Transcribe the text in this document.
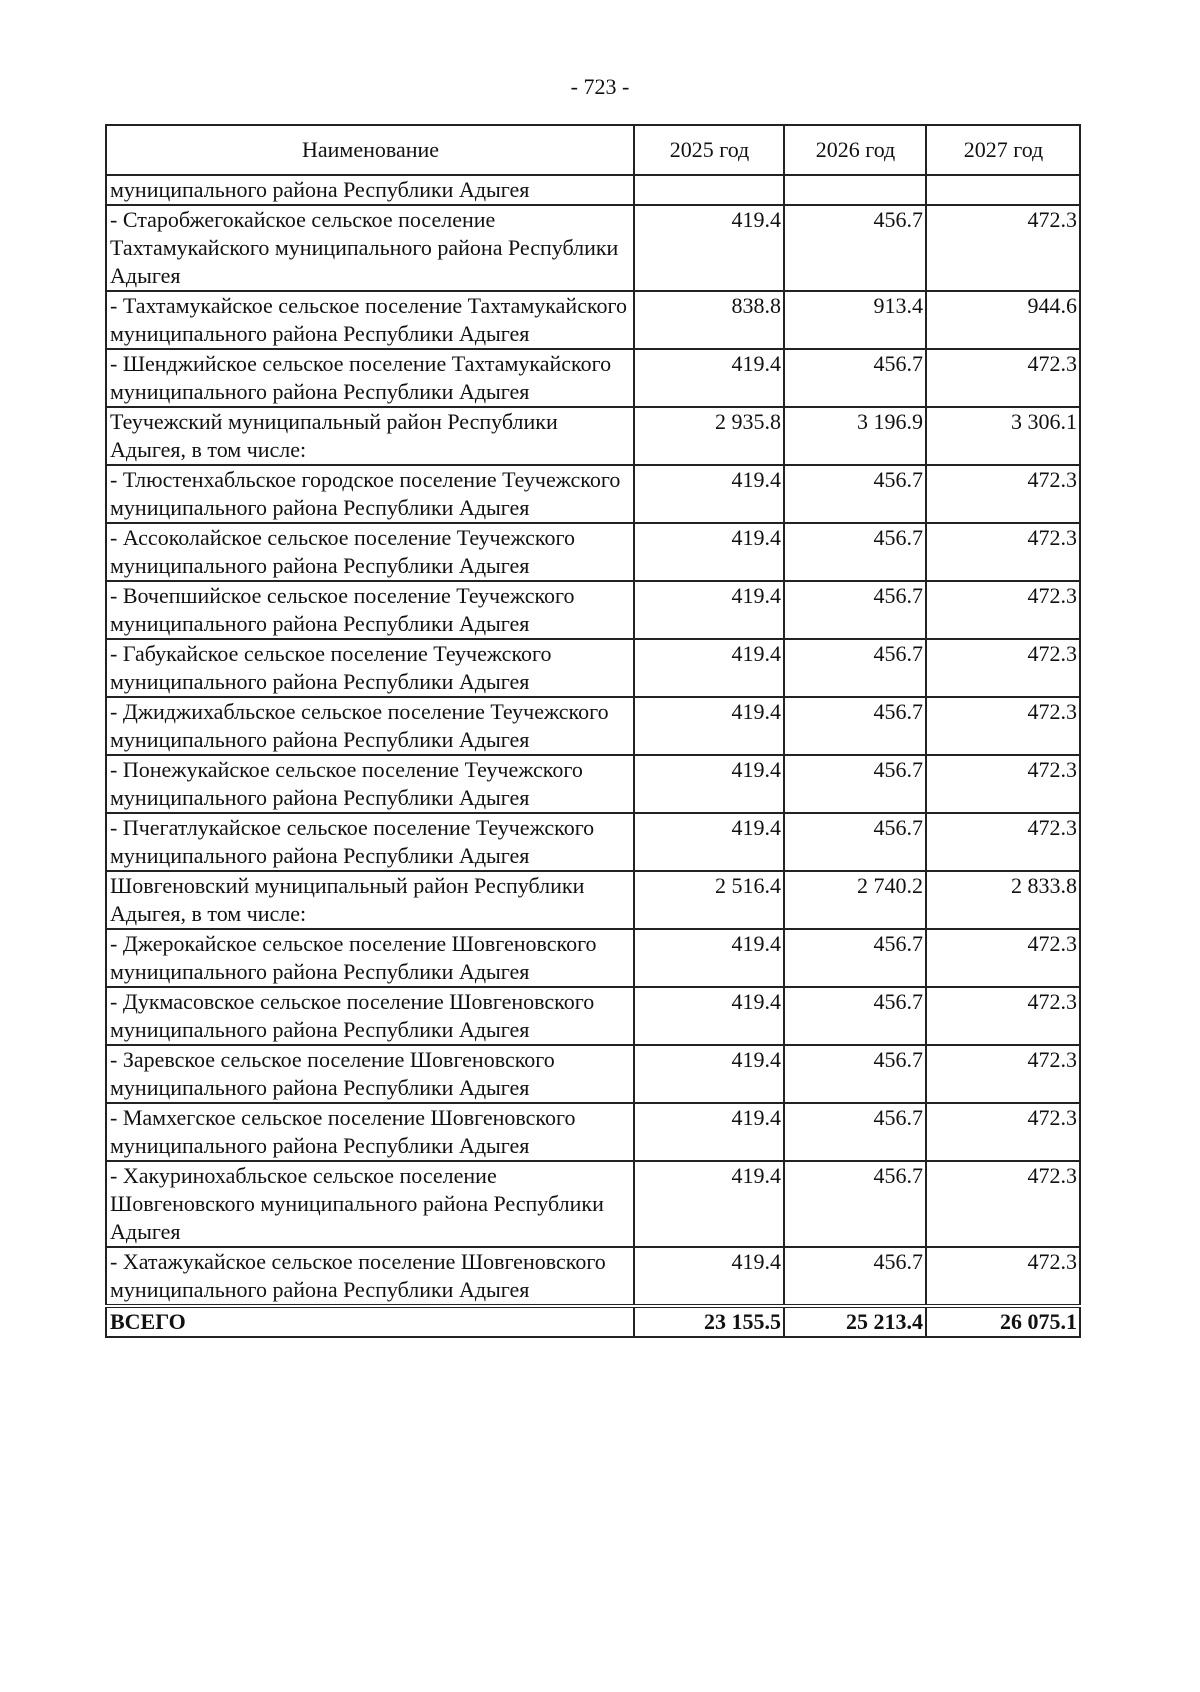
- 723 -
Наименование	2025 год	2026 год	2027 год
муниципального района Республики Адыгея			
- Старобжегокайское сельское поселение Тахтамукайского муниципального района Республики Адыгея	419.4	456.7	472.3
- Тахтамукайское сельское поселение Тахтамукайского муниципального района Республики Адыгея	838.8	913.4	944.6
- Шенджийское сельское поселение Тахтамукайского муниципального района Республики Адыгея	419.4	456.7	472.3
Теучежский муниципальный район Республики Адыгея, в том числе:	2 935.8	3 196.9	3 306.1
- Тлюстенхабльское городское поселение Теучежского муниципального района Республики Адыгея	419.4	456.7	472.3
- Ассоколайское сельское поселение Теучежского муниципального района Республики Адыгея	419.4	456.7	472.3
- Вочепшийское сельское поселение Теучежского муниципального района Республики Адыгея	419.4	456.7	472.3
- Габукайское сельское поселение Теучежского муниципального района Республики Адыгея	419.4	456.7	472.3
- Джиджихабльское сельское поселение Теучежского муниципального района Республики Адыгея	419.4	456.7	472.3
- Понежукайское сельское поселение Теучежского муниципального района Республики Адыгея	419.4	456.7	472.3
- Пчегатлукайское сельское поселение Теучежского муниципального района Республики Адыгея	419.4	456.7	472.3
Шовгеновский муниципальный район Республики Адыгея, в том числе:	2 516.4	2 740.2	2 833.8
- Джерокайское сельское поселение Шовгеновского муниципального района Республики Адыгея	419.4	456.7	472.3
- Дукмасовское сельское поселение Шовгеновского муниципального района Республики Адыгея	419.4	456.7	472.3
- Заревское сельское поселение Шовгеновского муниципального района Республики Адыгея	419.4	456.7	472.3
- Мамхегское сельское поселение Шовгеновского муниципального района Республики Адыгея	419.4	456.7	472.3
- Хакуринохабльское сельское поселение Шовгеновского муниципального района Республики Адыгея	419.4	456.7	472.3
- Хатажукайское сельское поселение Шовгеновского муниципального района Республики Адыгея	419.4	456.7	472.3
ВСЕГО	23 155.5	25 213.4	26 075.1
